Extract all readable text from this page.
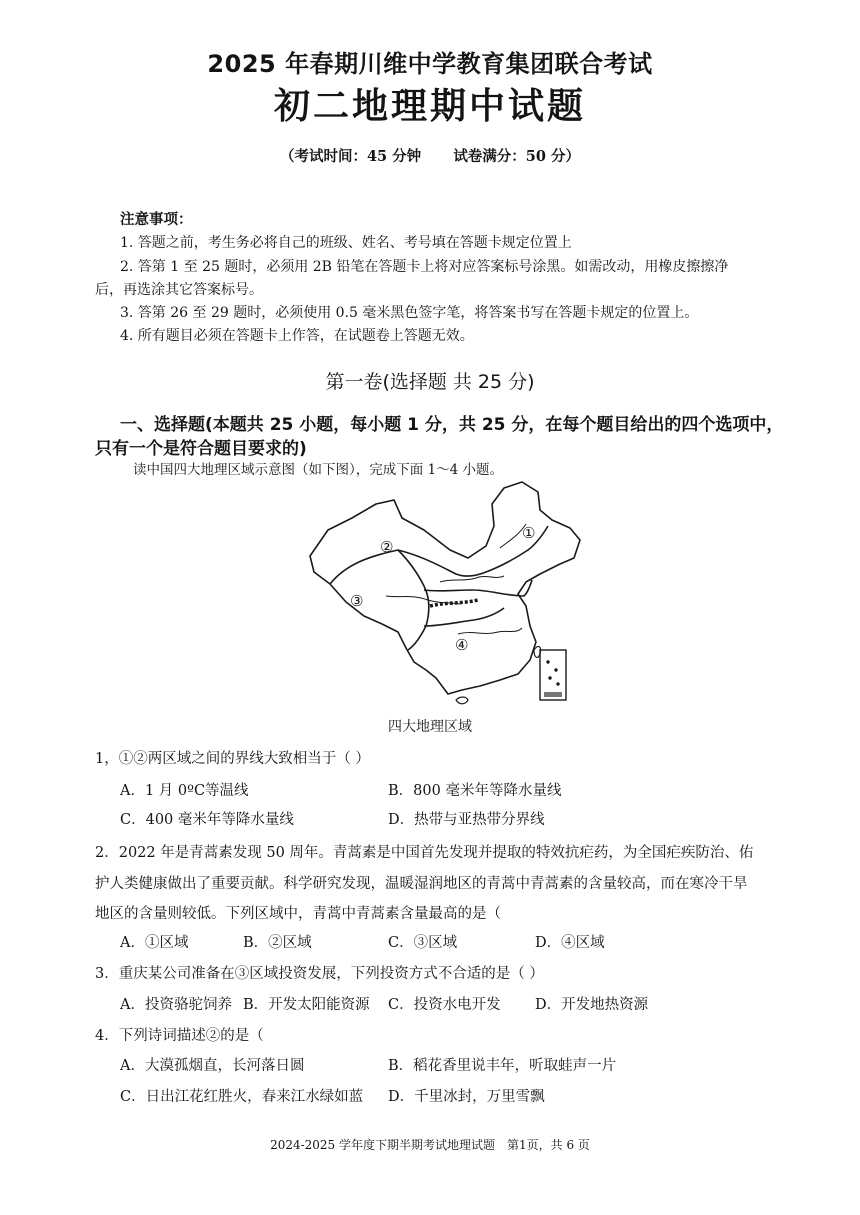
2025 年春期川维中学教育集团联合考试
初二地理期中试题
（考试时间：45 分钟 试卷满分：50 分）
注意事项：
1. 答题之前，考生务必将自己的班级、姓名、考号填在答题卡规定位置上
2. 答第 1 至 25 题时，必须用 2B 铅笔在答题卡上将对应答案标号涂黑。如需改动，用橡皮擦擦净
后，再选涂其它答案标号。
3. 答第 26 至 29 题时，必须使用 0.5 毫米黑色签字笔，将答案书写在答题卡规定的位置上。
4. 所有题目必须在答题卡上作答，在试题卷上答题无效。
第一卷(选择题 共 25 分)
一、选择题(本题共 25 小题，每小题 1 分，共 25 分，在每个题目给出的四个选项中，
只有一个是符合题目要求的)
读中国四大地理区域示意图（如下图），完成下面 1～4 小题。
①
②
③
④
四大地理区域
1，①②两区域之间的界线大致相当于（ ）
A．1 月 0ºC等温线	B．800 毫米年等降水量线
C．400 毫米年等降水量线	D．热带与亚热带分界线
2．2022 年是青蒿素发现 50 周年。青蒿素是中国首先发现并提取的特效抗疟药，为全国疟疾防治、佑
护人类健康做出了重要贡献。科学研究发现，温暖湿润地区的青蒿中青蒿素的含量较高，而在寒冷干旱
地区的含量则较低。下列区域中，青蒿中青蒿素含量最高的是（
A．①区域	B．②区域	C．③区域	D．④区域
3．重庆某公司准备在③区域投资发展，下列投资方式不合适的是（ ）
A．投资骆驼饲养 B．开发太阳能资源 C．投资水电开发 D．开发地热资源
4．下列诗词描述②的是（
A．大漠孤烟直，长河落日圆	B．稻花香里说丰年，听取蛙声一片
C．日出江花红胜火，春来江水绿如蓝 D．千里冰封，万里雪飘
2024-2025 学年度下期半期考试地理试题　第1页，共 6 页
